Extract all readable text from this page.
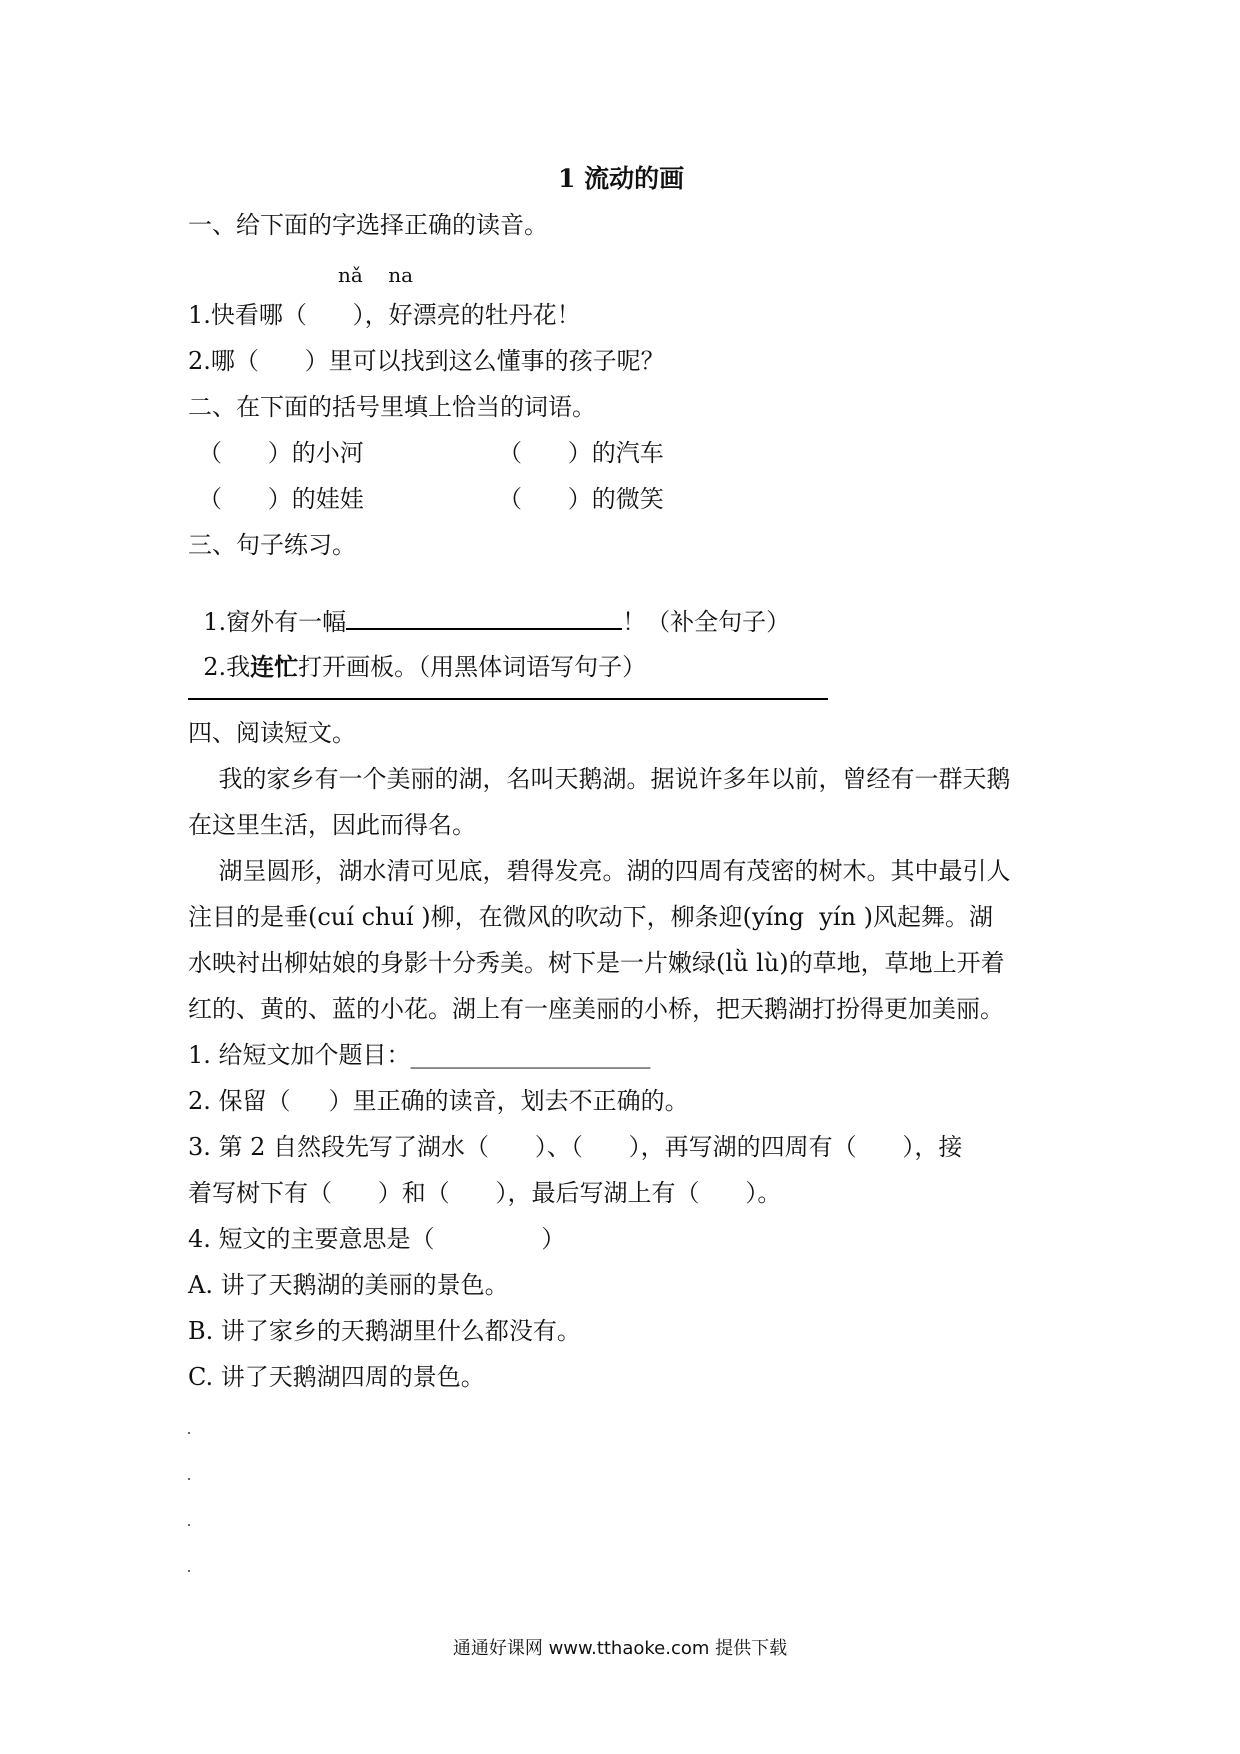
1 流动的画
一、给下面的字选择正确的读音。
nǎ    na
1.快看哪（      ），好漂亮的牡丹花！
2.哪（      ）里可以找到这么懂事的孩子呢？
二、在下面的括号里填上恰当的词语。
（      ）的小河	（      ）的汽车
（      ）的娃娃	（      ）的微笑
三、句子练习。

1.窗外有一幅	！（补全句子）

2.我连忙打开画板。（用黑体词语写句子）

四、阅读短文。
我的家乡有一个美丽的湖，名叫天鹅湖。据说许多年以前，曾经有一群天鹅
在这里生活，因此而得名。
湖呈圆形，湖水清可见底，碧得发亮。湖的四周有茂密的树木。其中最引人
注目的是垂(cuí chuí )柳，在微风的吹动下，柳条迎(yíng  yín )风起舞。湖
水映衬出柳姑娘的身影十分秀美。树下是一片嫩绿(lǜ lù)的草地，草地上开着
红的、黄的、蓝的小花。湖上有一座美丽的小桥，把天鹅湖打扮得更加美丽。
1. 给短文加个题目：____________________
2. 保留（     ）里正确的读音，划去不正确的。
3. 第 2 自然段先写了湖水（      ）、（      ），再写湖的四周有（      ），接
着写树下有（      ）和（      ），最后写湖上有（      ）。
4. 短文的主要意思是（              ）
A. 讲了天鹅湖的美丽的景色。
B. 讲了家乡的天鹅湖里什么都没有。
C. 讲了天鹅湖四周的景色。
通通好课网 www.tthaoke.com 提供下载
